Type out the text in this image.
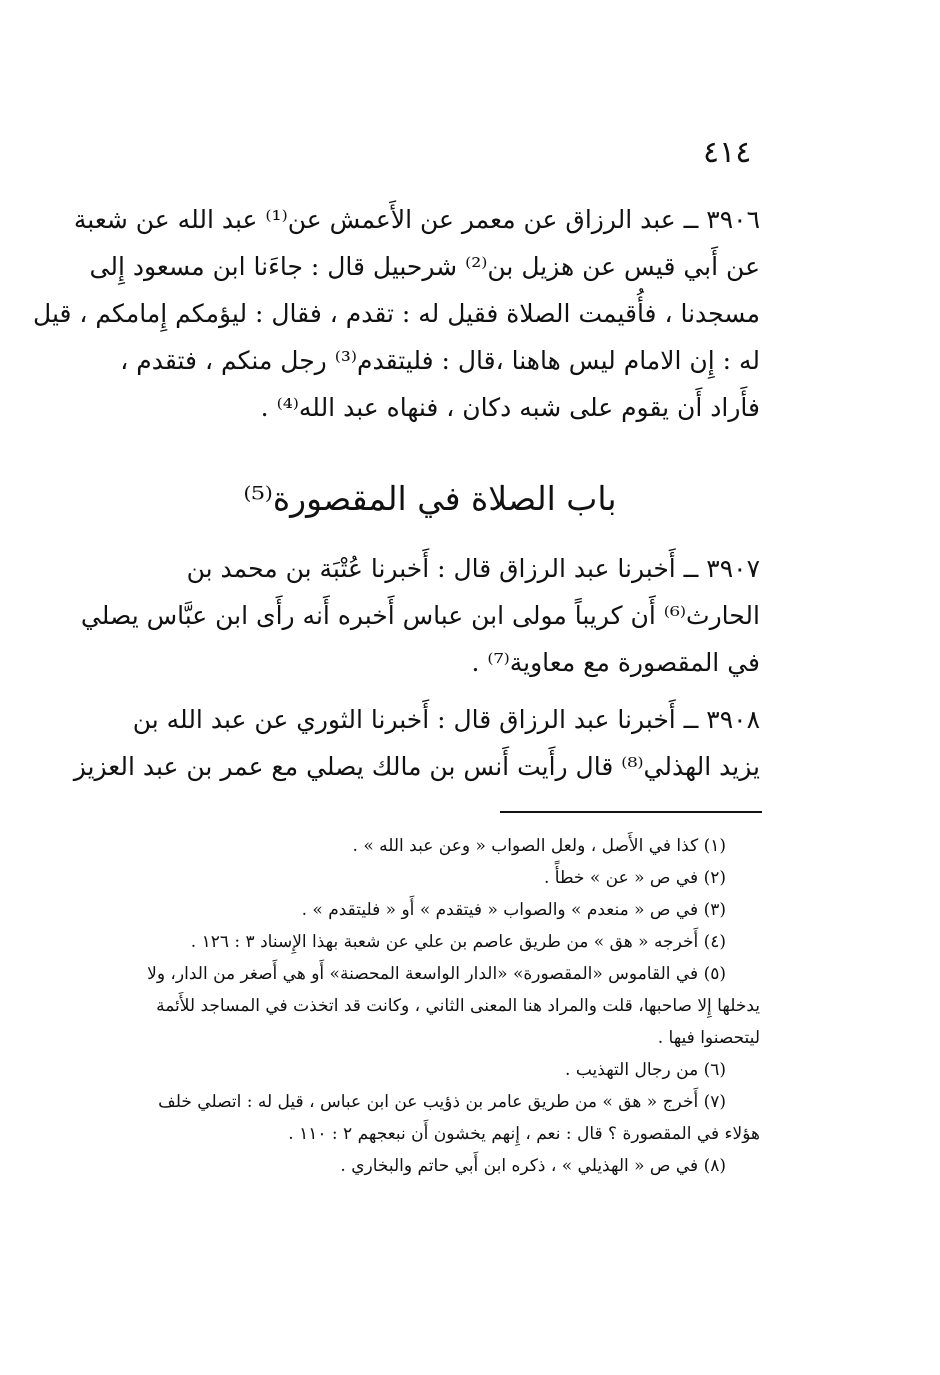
٤١٤
٣٩٠٦ ــ عبد الرزاق عن معمر عن الأَعمش عن⁽¹⁾ عبد الله عن شعبة
عن أَبي قيس عن هزيل بن⁽²⁾ شرحبيل قال : جاءَنا ابن مسعود إِلى
مسجدنا ، فأُقيمت الصلاة فقيل له : تقدم ، فقال : ليؤمكم إِمامكم ، قيل
له : إِن الامام ليس هاهنا ،قال : فليتقدم⁽³⁾ رجل منكم ، فتقدم ،
فأَراد أَن يقوم على شبه دكان ، فنهاه عبد الله⁽⁴⁾ .
باب الصلاة في المقصورة⁽⁵⁾
٣٩٠٧ ــ أَخبرنا عبد الرزاق قال : أَخبرنا عُتْبَة بن محمد بن
الحارث⁽⁶⁾ أَن كريباً مولى ابن عباس أَخبره أَنه رأَى ابن عبَّاس يصلي
في المقصورة مع معاوية⁽⁷⁾ .
٣٩٠٨ ــ أَخبرنا عبد الرزاق قال : أَخبرنا الثوري عن عبد الله بن
يزيد الهذلي⁽⁸⁾ قال رأَيت أَنس بن مالك يصلي مع عمر بن عبد العزيز
(١) كذا في الأَصل ، ولعل الصواب « وعن عبد الله » .
(٢) في ص « عن » خطأً .
(٣) في ص « منعدم » والصواب « فيتقدم » أَو « فليتقدم » .
(٤) أَخرجه « هق » من طريق عاصم بن علي عن شعبة بهذا الإِسناد ٣ : ١٢٦ .
(٥) في القاموس «المقصورة» «الدار الواسعة المحصنة» أَو هي أَصغر من الدار، ولا
يدخلها إِلا صاحبها، قلت والمراد هنا المعنى الثاني ، وكانت قد اتخذت في المساجد للأَئمة
ليتحصنوا فيها .
(٦) من رجال التهذيب .
(٧) أَخرج « هق » من طريق عامر بن ذؤيب عن ابن عباس ، قيل له : اتصلي خلف
هؤلاء في المقصورة ؟ قال : نعم ، إِنهم يخشون أَن نبعجهم ٢ : ١١٠ .
(٨) في ص « الهذيلي » ، ذكره ابن أَبي حاتم والبخاري .
